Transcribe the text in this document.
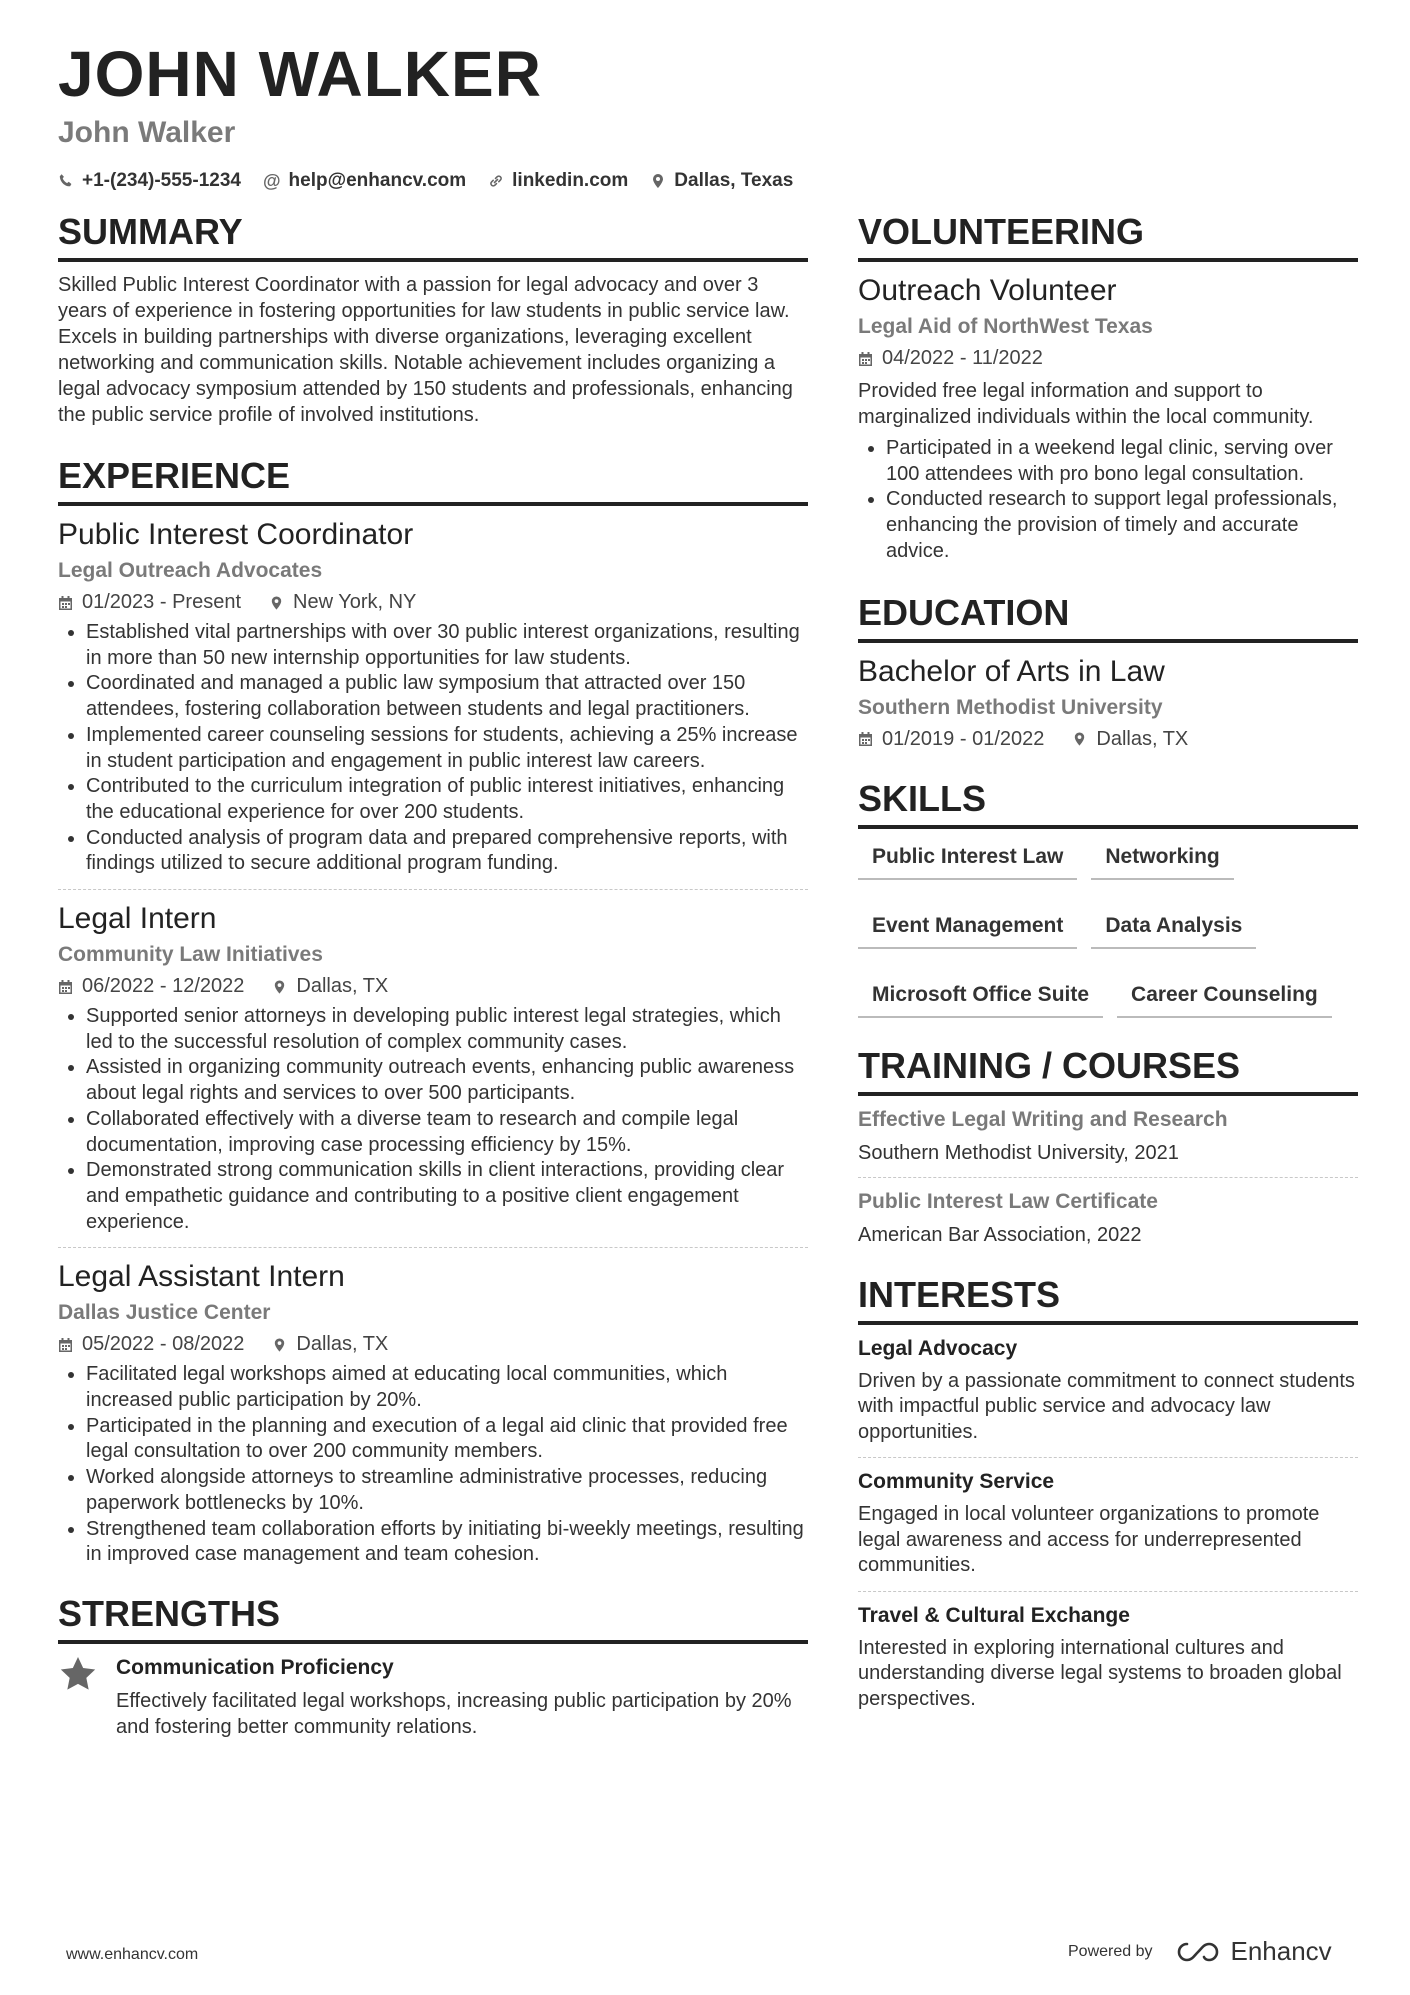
JOHN WALKER
John Walker
+1-(234)-555-1234 @ help@enhancv.com linkedin.com Dallas, Texas
SUMMARY
Skilled Public Interest Coordinator with a passion for legal advocacy and over 3 years of experience in fostering opportunities for law students in public service law. Excels in building partnerships with diverse organizations, leveraging excellent networking and communication skills. Notable achievement includes organizing a legal advocacy symposium attended by 150 students and professionals, enhancing the public service profile of involved institutions.
EXPERIENCE
Public Interest Coordinator
Legal Outreach Advocates
01/2023 - Present	New York, NY
• Established vital partnerships with over 30 public interest organizations, resulting in more than 50 new internship opportunities for law students.
• Coordinated and managed a public law symposium that attracted over 150 attendees, fostering collaboration between students and legal practitioners.
• Implemented career counseling sessions for students, achieving a 25% increase in student participation and engagement in public interest law careers.
• Contributed to the curriculum integration of public interest initiatives, enhancing the educational experience for over 200 students.
• Conducted analysis of program data and prepared comprehensive reports, with findings utilized to secure additional program funding.
Legal Intern
Community Law Initiatives
06/2022 - 12/2022	Dallas, TX
• Supported senior attorneys in developing public interest legal strategies, which led to the successful resolution of complex community cases.
• Assisted in organizing community outreach events, enhancing public awareness about legal rights and services to over 500 participants.
• Collaborated effectively with a diverse team to research and compile legal documentation, improving case processing efficiency by 15%.
• Demonstrated strong communication skills in client interactions, providing clear and empathetic guidance and contributing to a positive client engagement experience.
Legal Assistant Intern
Dallas Justice Center
05/2022 - 08/2022	Dallas, TX
• Facilitated legal workshops aimed at educating local communities, which increased public participation by 20%.
• Participated in the planning and execution of a legal aid clinic that provided free legal consultation to over 200 community members.
• Worked alongside attorneys to streamline administrative processes, reducing paperwork bottlenecks by 10%.
• Strengthened team collaboration efforts by initiating bi-weekly meetings, resulting in improved case management and team cohesion.
STRENGTHS
Communication Proficiency
Effectively facilitated legal workshops, increasing public participation by 20% and fostering better community relations.
VOLUNTEERING
Outreach Volunteer
Legal Aid of NorthWest Texas
04/2022 - 11/2022
Provided free legal information and support to marginalized individuals within the local community.
• Participated in a weekend legal clinic, serving over 100 attendees with pro bono legal consultation.
• Conducted research to support legal professionals, enhancing the provision of timely and accurate advice.
EDUCATION
Bachelor of Arts in Law
Southern Methodist University
01/2019 - 01/2022	Dallas, TX
SKILLS
Public Interest Law	Networking
Event Management	Data Analysis
Microsoft Office Suite	Career Counseling
TRAINING / COURSES
Effective Legal Writing and Research
Southern Methodist University, 2021
Public Interest Law Certificate
American Bar Association, 2022
INTERESTS
Legal Advocacy
Driven by a passionate commitment to connect students with impactful public service and advocacy law opportunities.
Community Service
Engaged in local volunteer organizations to promote legal awareness and access for underrepresented communities.
Travel & Cultural Exchange
Interested in exploring international cultures and understanding diverse legal systems to broaden global perspectives.
www.enhancv.com	Powered by	Enhancv
